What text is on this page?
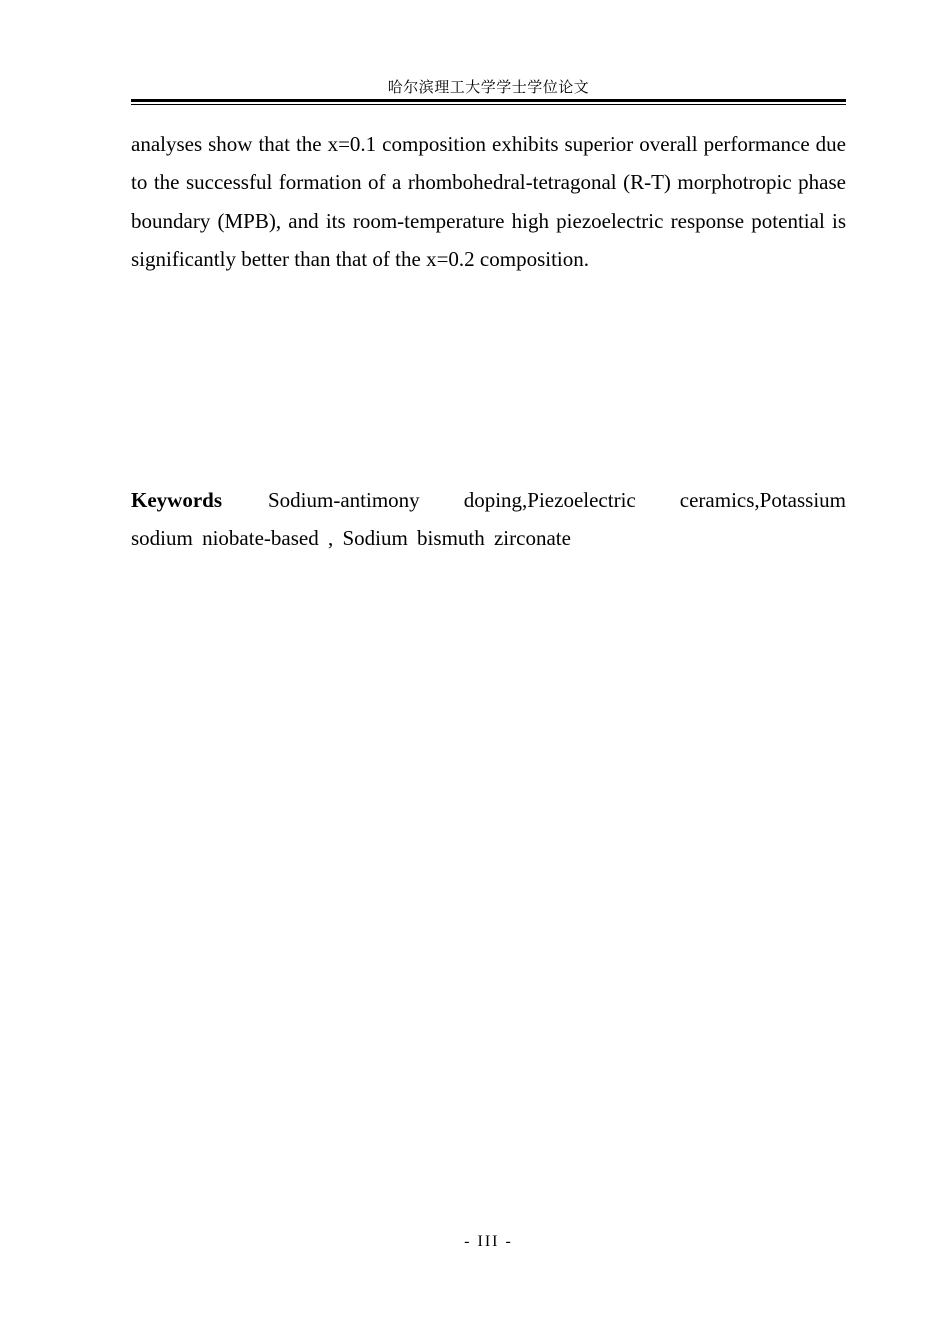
哈尔滨理工大学学士学位论文

analyses show that the x=0.1 composition exhibits superior overall performance due to the successful formation of a rhombohedral-tetragonal (R-T) morphotropic phase boundary (MPB), and its room-temperature high piezoelectric response potential is significantly better than that of the x=0.2 composition.

Keywords Sodium-antimony doping,Piezoelectric ceramics,Potassium sodium niobate-based , Sodium bismuth zirconate

- III -
